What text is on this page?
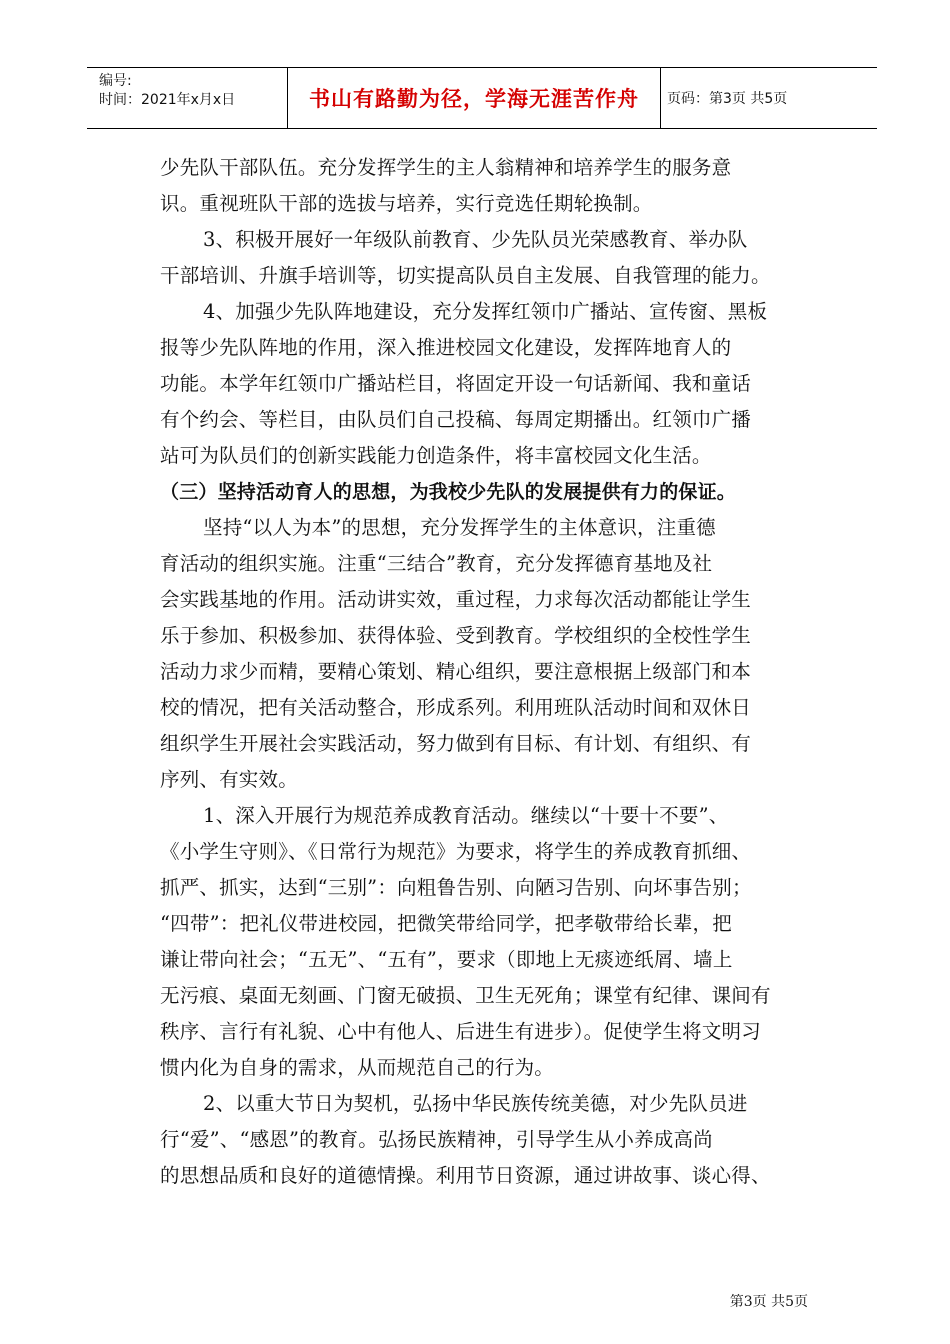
编号:
时间：2021年x月x日	书山有路勤为径，学海无涯苦作舟 页码：第3页 共5页
少先队干部队伍。充分发挥学生的主人翁精神和培养学生的服务意
识。重视班队干部的选拔与培养，实行竞选任期轮换制。
3、积极开展好一年级队前教育、少先队员光荣感教育、举办队
干部培训、升旗手培训等，切实提高队员自主发展、自我管理的能力。
4、加强少先队阵地建设，充分发挥红领巾广播站、宣传窗、黑板
报等少先队阵地的作用，深入推进校园文化建设，发挥阵地育人的
功能。本学年红领巾广播站栏目，将固定开设一句话新闻、我和童话
有个约会、等栏目，由队员们自己投稿、每周定期播出。红领巾广播
站可为队员们的创新实践能力创造条件，将丰富校园文化生活。
（三）坚持活动育人的思想，为我校少先队的发展提供有力的保证。
坚持“以人为本”的思想，充分发挥学生的主体意识，注重德
育活动的组织实施。注重“三结合”教育，充分发挥德育基地及社
会实践基地的作用。活动讲实效，重过程，力求每次活动都能让学生
乐于参加、积极参加、获得体验、受到教育。学校组织的全校性学生
活动力求少而精，要精心策划、精心组织，要注意根据上级部门和本
校的情况，把有关活动整合，形成系列。利用班队活动时间和双休日
组织学生开展社会实践活动，努力做到有目标、有计划、有组织、有
序列、有实效。
1、深入开展行为规范养成教育活动。继续以“十要十不要”、
《小学生守则》、《日常行为规范》为要求，将学生的养成教育抓细、
抓严、抓实，达到“三别”：向粗鲁告别、向陋习告别、向坏事告别；
“四带”：把礼仪带进校园，把微笑带给同学，把孝敬带给长辈，把
谦让带向社会；“五无”、“五有”，要求（即地上无痰迹纸屑、墙上
无污痕、桌面无刻画、门窗无破损、卫生无死角；课堂有纪律、课间有
秩序、言行有礼貌、心中有他人、后进生有进步）。促使学生将文明习
惯内化为自身的需求，从而规范自己的行为。
2、以重大节日为契机，弘扬中华民族传统美德，对少先队员进
行“爱”、“感恩”的教育。弘扬民族精神，引导学生从小养成高尚
的思想品质和良好的道德情操。利用节日资源，通过讲故事、谈心得、
第3页 共5页
